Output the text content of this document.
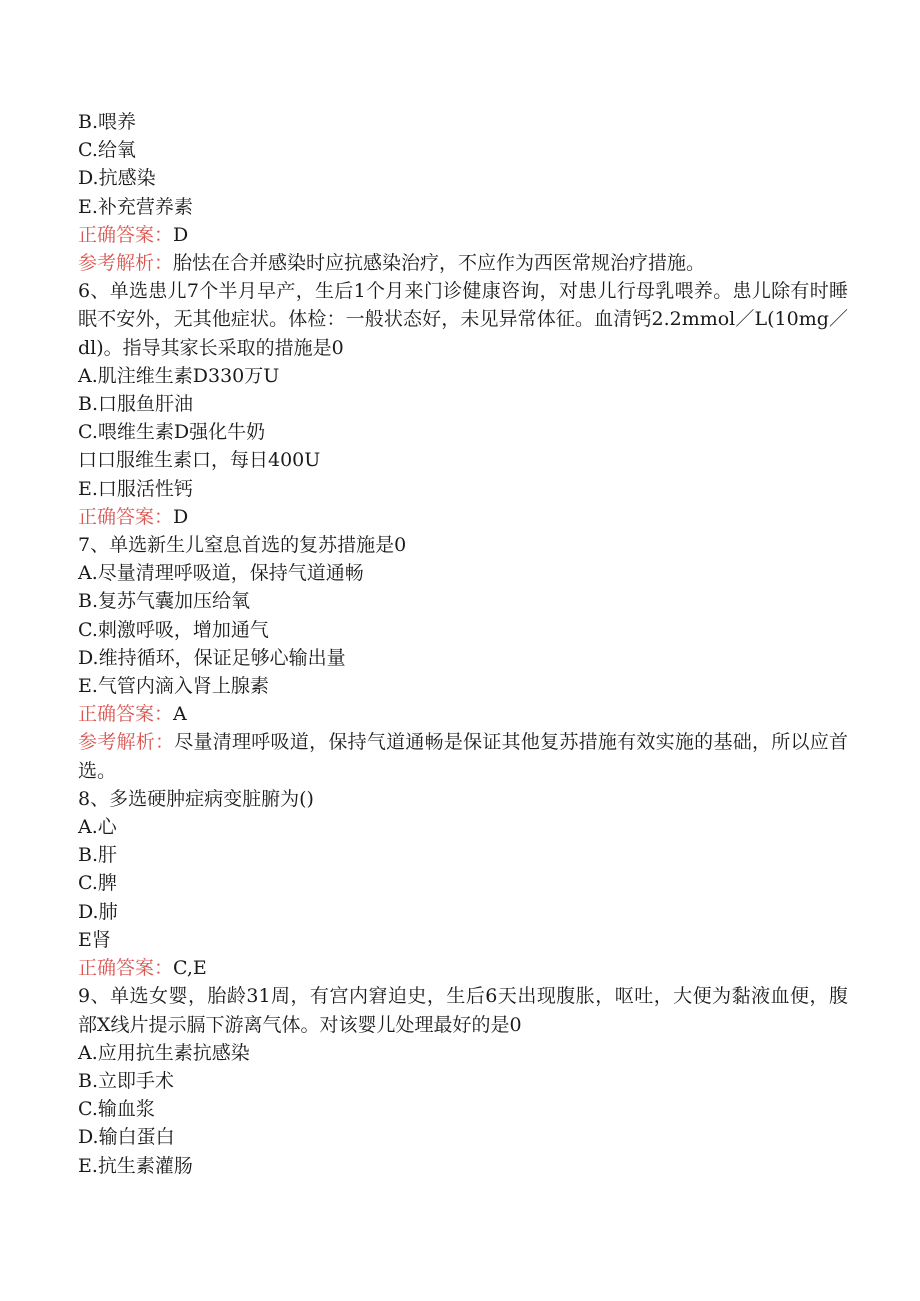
B.喂养

C.给氧

D.抗感染

E.补充营养素

正确答案：D

参考解析：胎怯在合并感染时应抗感染治疗，不应作为西医常规治疗措施。

6、单选患儿7个半月早产，生后1个月来门诊健康咨询，对患儿行母乳喂养。患儿除有时睡眠不安外，无其他症状。体检：一般状态好，未见异常体征。血清钙2.2mmol／L(10mg／dl)。指导其家长采取的措施是0

A.肌注维生素D330万U

B.口服鱼肝油

C.喂维生素D强化牛奶

口口服维生素口，每日400U

E.口服活性钙

正确答案：D

7、单选新生儿窒息首选的复苏措施是0

A.尽量清理呼吸道，保持气道通畅

B.复苏气囊加压给氧

C.刺激呼吸，增加通气

D.维持循环，保证足够心输出量

E.气管内滴入肾上腺素

正确答案：A

参考解析：尽量清理呼吸道，保持气道通畅是保证其他复苏措施有效实施的基础，所以应首选。

8、多选硬肿症病变脏腑为()

A.心

B.肝

C.脾

D.肺

E肾

正确答案：C,E

9、单选女婴，胎龄31周，有宫内窘迫史，生后6天出现腹胀，呕吐，大便为黏液血便，腹部X线片提示膈下游离气体。对该婴儿处理最好的是0

A.应用抗生素抗感染

B.立即手术

C.输血浆

D.输白蛋白

E.抗生素灌肠
